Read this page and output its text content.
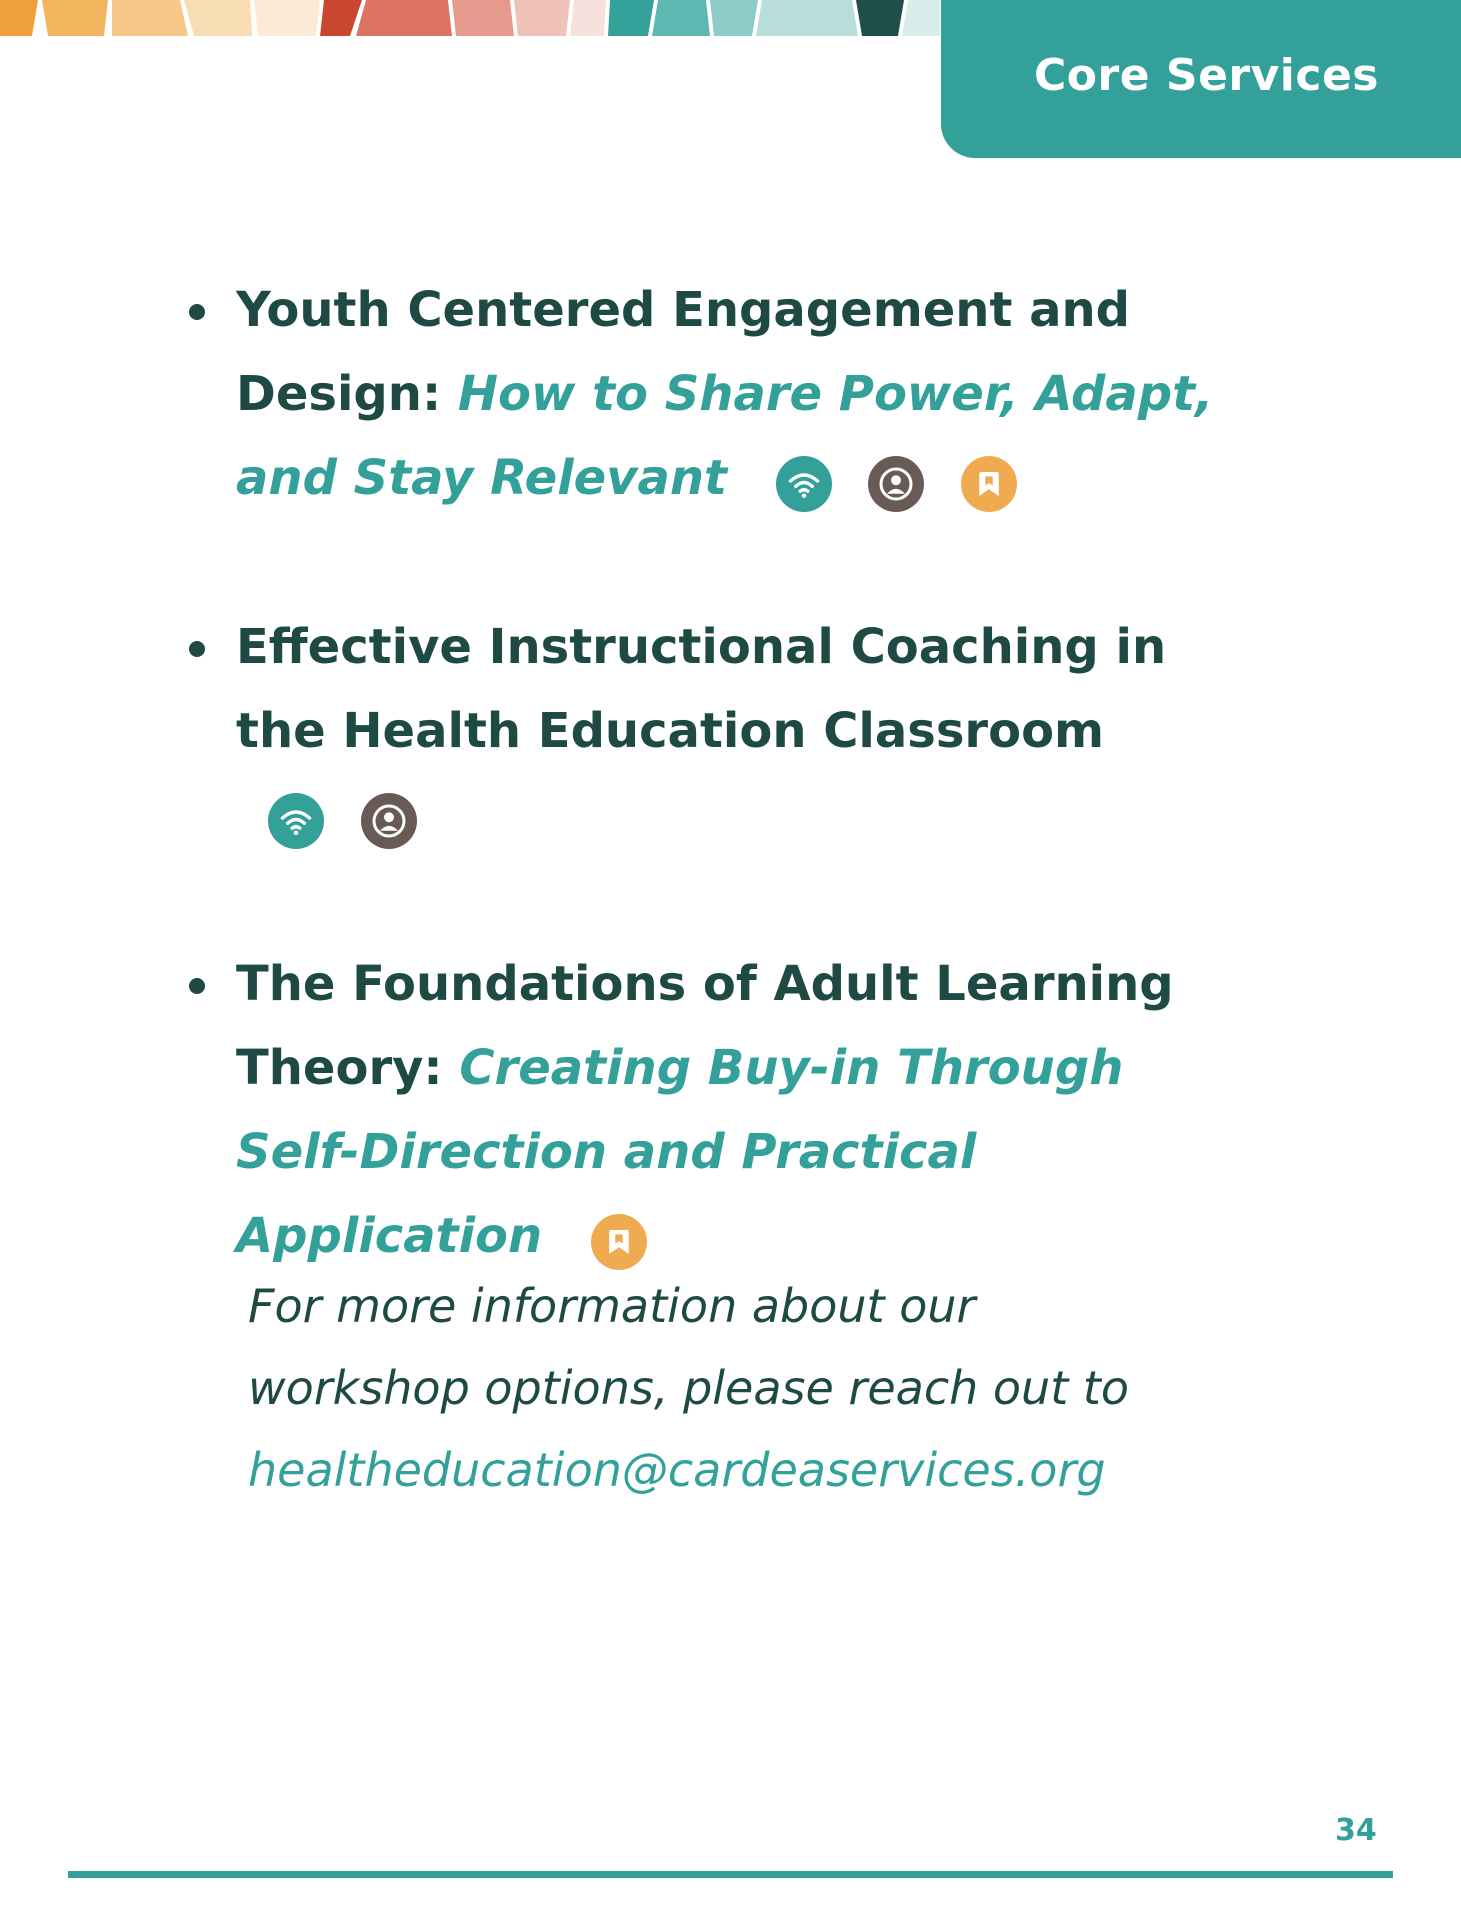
Core Services
Youth Centered Engagement and Design: How to Share Power, Adapt, and Stay Relevant

Effective Instructional Coaching in the Health Education Classroom

The Foundations of Adult Learning Theory: Creating Buy-in Through Self-Direction and Practical Application
For more information about our workshop options, please reach out to healtheducation@cardeaservices.org
34
